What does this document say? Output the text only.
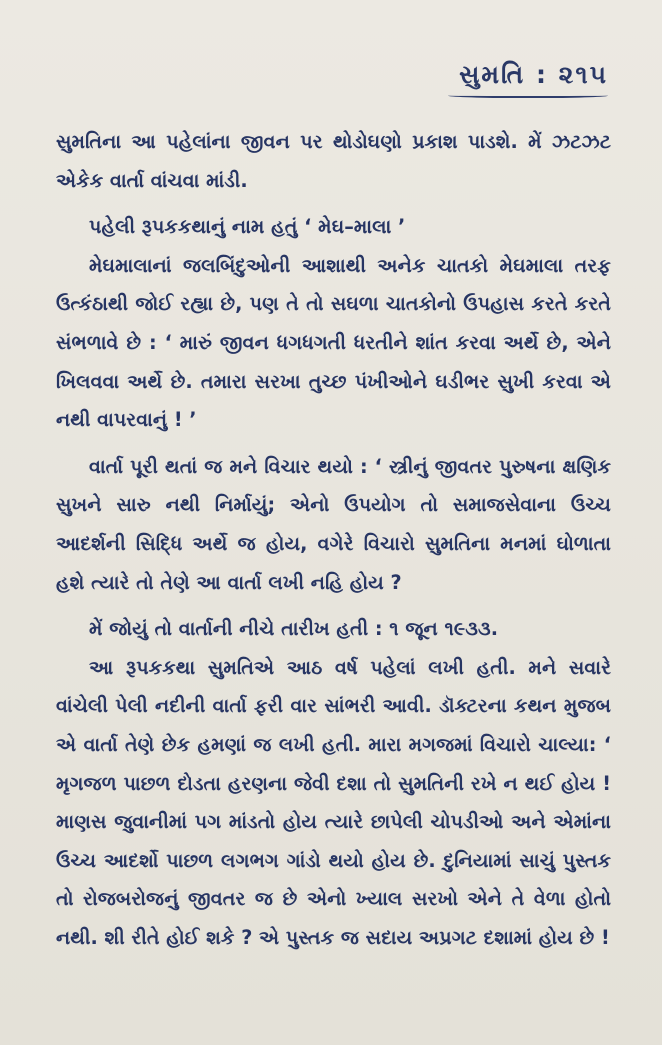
સુમતિ : ૨૧૫

સુમતિના આ પહેલાંના જીવન પર થોડોઘણો પ્રકાશ પાડશે. મેં ઝટઝટ એકેક વાર્તા વાંચવા માંડી.

પહેલી રૂપકકથાનું નામ હતું ‘ મેઘ–માલા ’

મેઘમાલાનાં જલબિંદુઓની આશાથી અનેક ચાતકો મેઘમાલા તરફ ઉત્કંઠાથી જોઈ રહ્યા છે, પણ તે તો સઘળા ચાતકોનો ઉપહાસ કરતે કરતે સંભળાવે છે : ‘ મારું જીવન ધગધગતી ધરતીને શાંત કરવા અર્થે છે, એને ખિલવવા અર્થે છે. તમારા સરખા તુચ્છ પંખીઓને ઘડીભર સુખી કરવા એ નથી વાપરવાનું ! ’

વાર્તા પૂરી થતાં જ મને વિચાર થયો : ‘ સ્ત્રીનું જીવતર પુરુષના ક્ષણિક સુખને સારુ નથી નિર્માયું; એનો ઉપયોગ તો સમાજસેવાના ઉચ્ચ આદર્શની સિદ્ધિ અર્થે જ હોય, વગેરે વિચારો સુમતિના મનમાં ઘોળાતા હશે ત્યારે તો તેણે આ વાર્તા લખી નહિ હોય ?

મેં જોયું તો વાર્તાની નીચે તારીખ હતી : ૧ જૂન ૧૯૩૩.

આ રૂપકકથા સુમતિએ આઠ વર્ષ પહેલાં લખી હતી. મને સવારે વાંચેલી પેલી નદીની વાર્તા ફરી વાર સાંભરી આવી. ડૉક્ટરના કથન મુજબ એ વાર્તા તેણે છેક હમણાં જ લખી હતી. મારા મગજમાં વિચારો ચાલ્યા: ‘ મૃગજળ પાછળ દોડતા હરણના જેવી દશા તો સુમતિની રખે ન થઈ હોય ! માણસ જુવાનીમાં પગ માંડતો હોય ત્યારે છાપેલી ચોપડીઓ અને એમાંના ઉચ્ચ આદર્શો પાછળ લગભગ ગાંડો થયો હોય છે. દુનિયામાં સાચું પુસ્તક તો રોજબરોજનું જીવતર જ છે એનો ખ્યાલ સરખો એને તે વેળા હોતો નથી. શી રીતે હોઈ શકે ? એ પુસ્તક જ સદાય અપ્રગટ દશામાં હોય છે !
